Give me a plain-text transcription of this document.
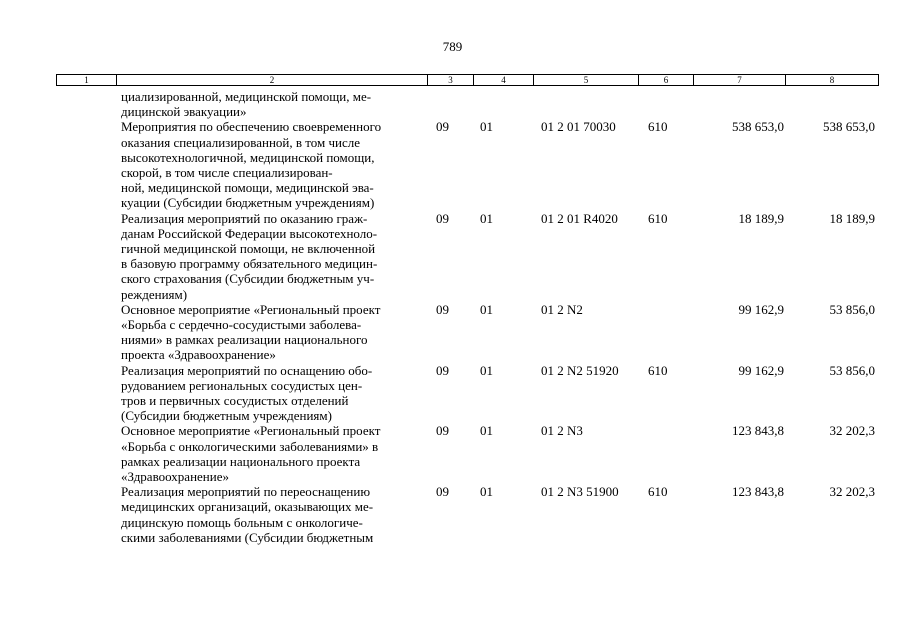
789
1	2	3	4	5	6	7	8
циализированной, медицинской помощи, ме-
дицинской эвакуации»
Мероприятия по обеспечению своевременного
оказания специализированной, в том числе
высокотехнологичной, медицинской помощи,
скорой, в том числе специализирован-
ной, медицинской помощи, медицинской эва-
куации (Субсидии бюджетным учреждениям)
09 01	01 2 01 70030 610	538 653,0	538 653,0
Реализация мероприятий по оказанию граж-
данам Российской Федерации высокотехноло-
гичной медицинской помощи, не включенной
в базовую программу обязательного медицин-
ского страхования (Субсидии бюджетным уч-
реждениям)
09 01	01 2 01 R4020 610	18 189,9	18 189,9
Основное мероприятие «Региональный проект
«Борьба с сердечно-сосудистыми заболева-
ниями» в рамках реализации национального
проекта «Здравоохранение»
09 01	01 2 N2	99 162,9	53 856,0
Реализация мероприятий по оснащению обо-
рудованием региональных сосудистых цен-
тров и первичных сосудистых отделений
(Субсидии бюджетным учреждениям)
09 01	01 2 N2 51920 610	99 162,9	53 856,0
Основное мероприятие «Региональный проект
«Борьба с онкологическими заболеваниями» в
рамках реализации национального проекта
«Здравоохранение»
09 01	01 2 N3	123 843,8	32 202,3
Реализация мероприятий по переоснащению
медицинских организаций, оказывающих ме-
дицинскую помощь больным с онкологиче-
скими заболеваниями (Субсидии бюджетным
09 01	01 2 N3 51900 610	123 843,8	32 202,3
